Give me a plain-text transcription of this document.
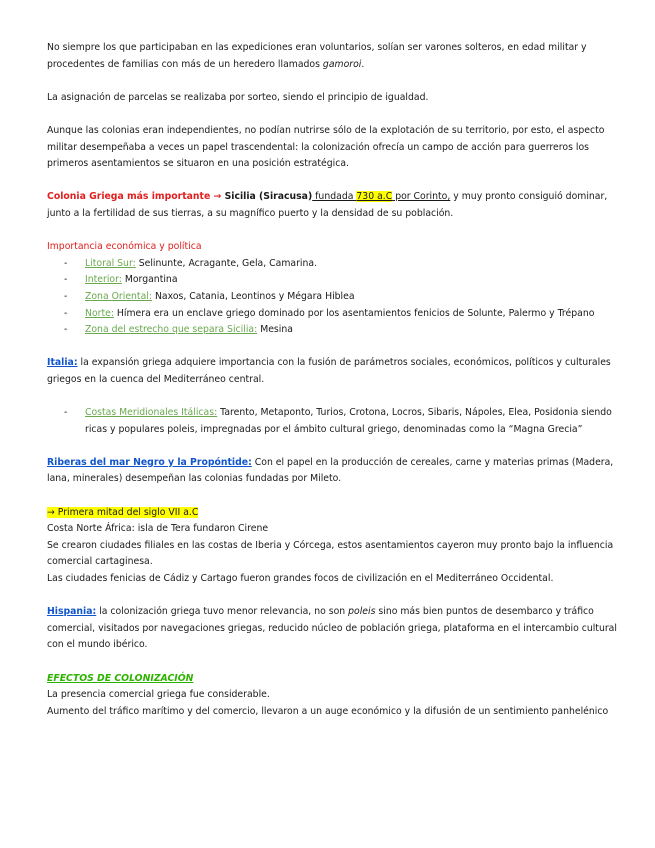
No siempre los que participaban en las expediciones eran voluntarios, solían ser varones solteros, en edad militar y procedentes de familias con más de un heredero llamados gamoroi.

La asignación de parcelas se realizaba por sorteo, siendo el principio de igualdad.

Aunque las colonias eran independientes, no podían nutrirse sólo de la explotación de su territorio, por esto, el aspecto militar desempeñaba a veces un papel trascendental: la colonización ofrecía un campo de acción para guerreros los primeros asentamientos se situaron en una posición estratégica.

Colonia Griega más importante → Sicilia (Siracusa) fundada 730 a.C por Corinto, y muy pronto consiguió dominar, junto a la fertilidad de sus tierras, a su magnífico puerto y la densidad de su población.

Importancia económica y política

- Litoral Sur: Selinunte, Acragante, Gela, Camarina.
- Interior: Morgantina
- Zona Oriental: Naxos, Catania, Leontinos y Mégara Hiblea
- Norte: Hímera era un enclave griego dominado por los asentamientos fenicios de Solunte, Palermo y Trépano
- Zona del estrecho que separa Sicilia: Mesina

Italia: la expansión griega adquiere importancia con la fusión de parámetros sociales, económicos, políticos y culturales griegos en la cuenca del Mediterráneo central.

- Costas Meridionales Itálicas: Tarento, Metaponto, Turios, Crotona, Locros, Sibaris, Nápoles, Elea, Posidonia siendo ricas y populares poleis, impregnadas por el ámbito cultural griego, denominadas como la “Magna Grecia”

Riberas del mar Negro y la Propóntide: Con el papel en la producción de cereales, carne y materias primas (Madera, lana, minerales) desempeñan las colonias fundadas por Mileto.

→ Primera mitad del siglo VII a.C

Costa Norte África: isla de Tera fundaron Cirene

Se crearon ciudades filiales en las costas de Iberia y Córcega, estos asentamientos cayeron muy pronto bajo la influencia comercial cartaginesa.

Las ciudades fenicias de Cádiz y Cartago fueron grandes focos de civilización en el Mediterráneo Occidental.

Hispania: la colonización griega tuvo menor relevancia, no son poleis sino más bien puntos de desembarco y tráfico comercial, visitados por navegaciones griegas, reducido núcleo de población griega, plataforma en el intercambio cultural con el mundo ibérico.

EFECTOS DE COLONIZACIÓN

La presencia comercial griega fue considerable.

Aumento del tráfico marítimo y del comercio, llevaron a un auge económico y la difusión de un sentimiento panhelénico
